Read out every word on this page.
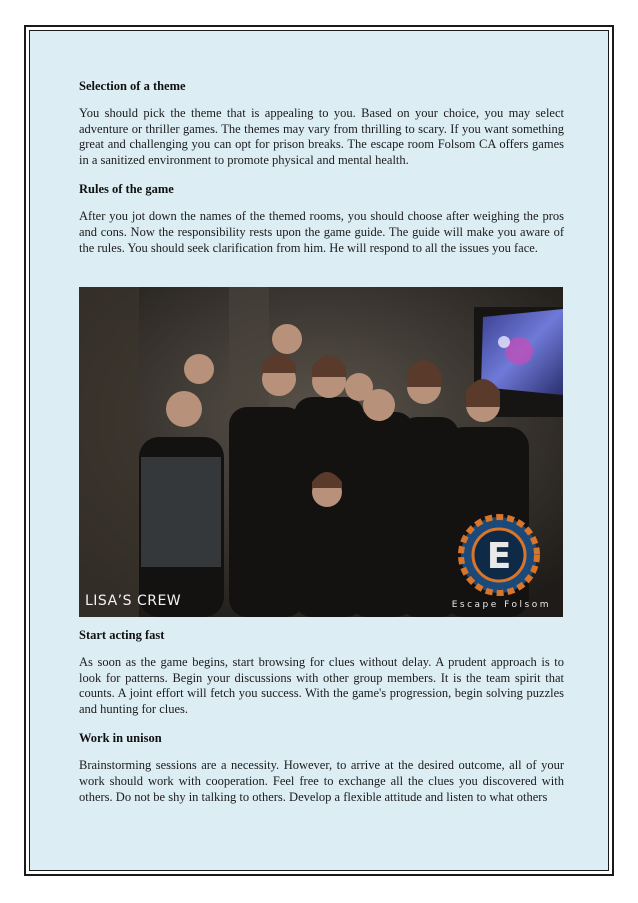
Selection of a theme

You should pick the theme that is appealing to you. Based on your choice, you may select adventure or thriller games. The themes may vary from thrilling to scary. If you want something great and challenging you can opt for prison breaks. The escape room Folsom CA offers games in a sanitized environment to promote physical and mental health.

Rules of the game

After you jot down the names of the themed rooms, you should choose after weighing the pros and cons. Now the responsibility rests upon the game guide. The guide will make you aware of the rules. You should seek clarification from him. He will respond to all the issues you face.

E
LISA’S CREW	Escape Folsom
Start acting fast

As soon as the game begins, start browsing for clues without delay. A prudent approach is to look for patterns. Begin your discussions with other group members. It is the team spirit that counts. A joint effort will fetch you success. With the game's progression, begin solving puzzles and hunting for clues.

Work in unison

Brainstorming sessions are a necessity. However, to arrive at the desired outcome, all of your work should work with cooperation. Feel free to exchange all the clues you discovered with others. Do not be shy in talking to others. Develop a flexible attitude and listen to what others
